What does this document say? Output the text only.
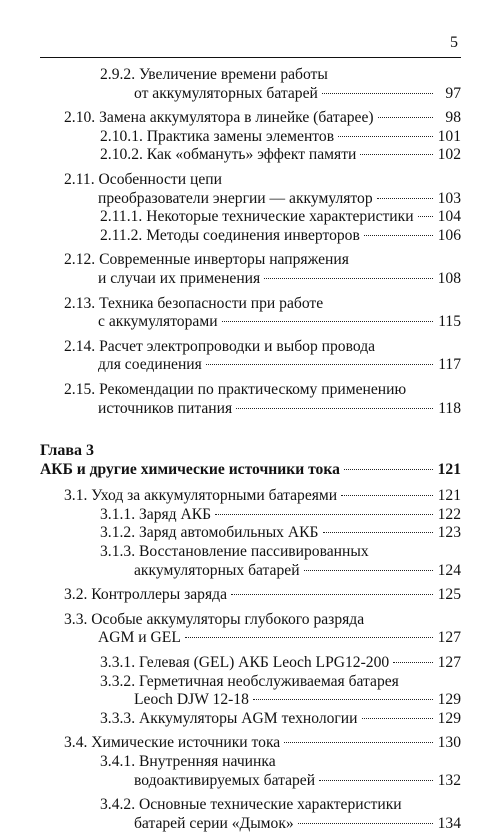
5
2.9.2. Увеличение времени работы
от аккумуляторных батарей	97
2.10. Замена аккумулятора в линейке (батарее)	98
2.10.1. Практика замены элементов	101
2.10.2. Как «обмануть» эффект памяти	102
2.11. Особенности цепи
преобразователи энергии — аккумулятор	103
2.11.1. Некоторые технические характеристики 104
2.11.2. Методы соединения инверторов	106
2.12. Современные инверторы напряжения
и случаи их применения	108
2.13. Техника безопасности при работе
с аккумуляторами	115
2.14. Расчет электропроводки и выбор провода
для соединения	117
2.15. Рекомендации по практическому применению
источников питания	118
Глава 3
АКБ и другие химические источники тока	121
3.1. Уход за аккумуляторными батареями	121
3.1.1. Заряд АКБ	122
3.1.2. Заряд автомобильных АКБ	123
3.1.3. Восстановление пассивированных
аккумуляторных батарей	124
3.2. Контроллеры заряда	125
3.3. Особые аккумуляторы глубокого разряда
AGM и GEL	127
3.3.1. Гелевая (GEL) АКБ Leoch LPG12-200	127
3.3.2. Герметичная необслуживаемая батарея
Leoch DJW 12-18	129
3.3.3. Аккумуляторы AGM технологии	129
3.4. Химические источники тока	130
3.4.1. Внутренняя начинка
водоактивируемых батарей	132
3.4.2. Основные технические характеристики
батарей серии «Дымок»	134
